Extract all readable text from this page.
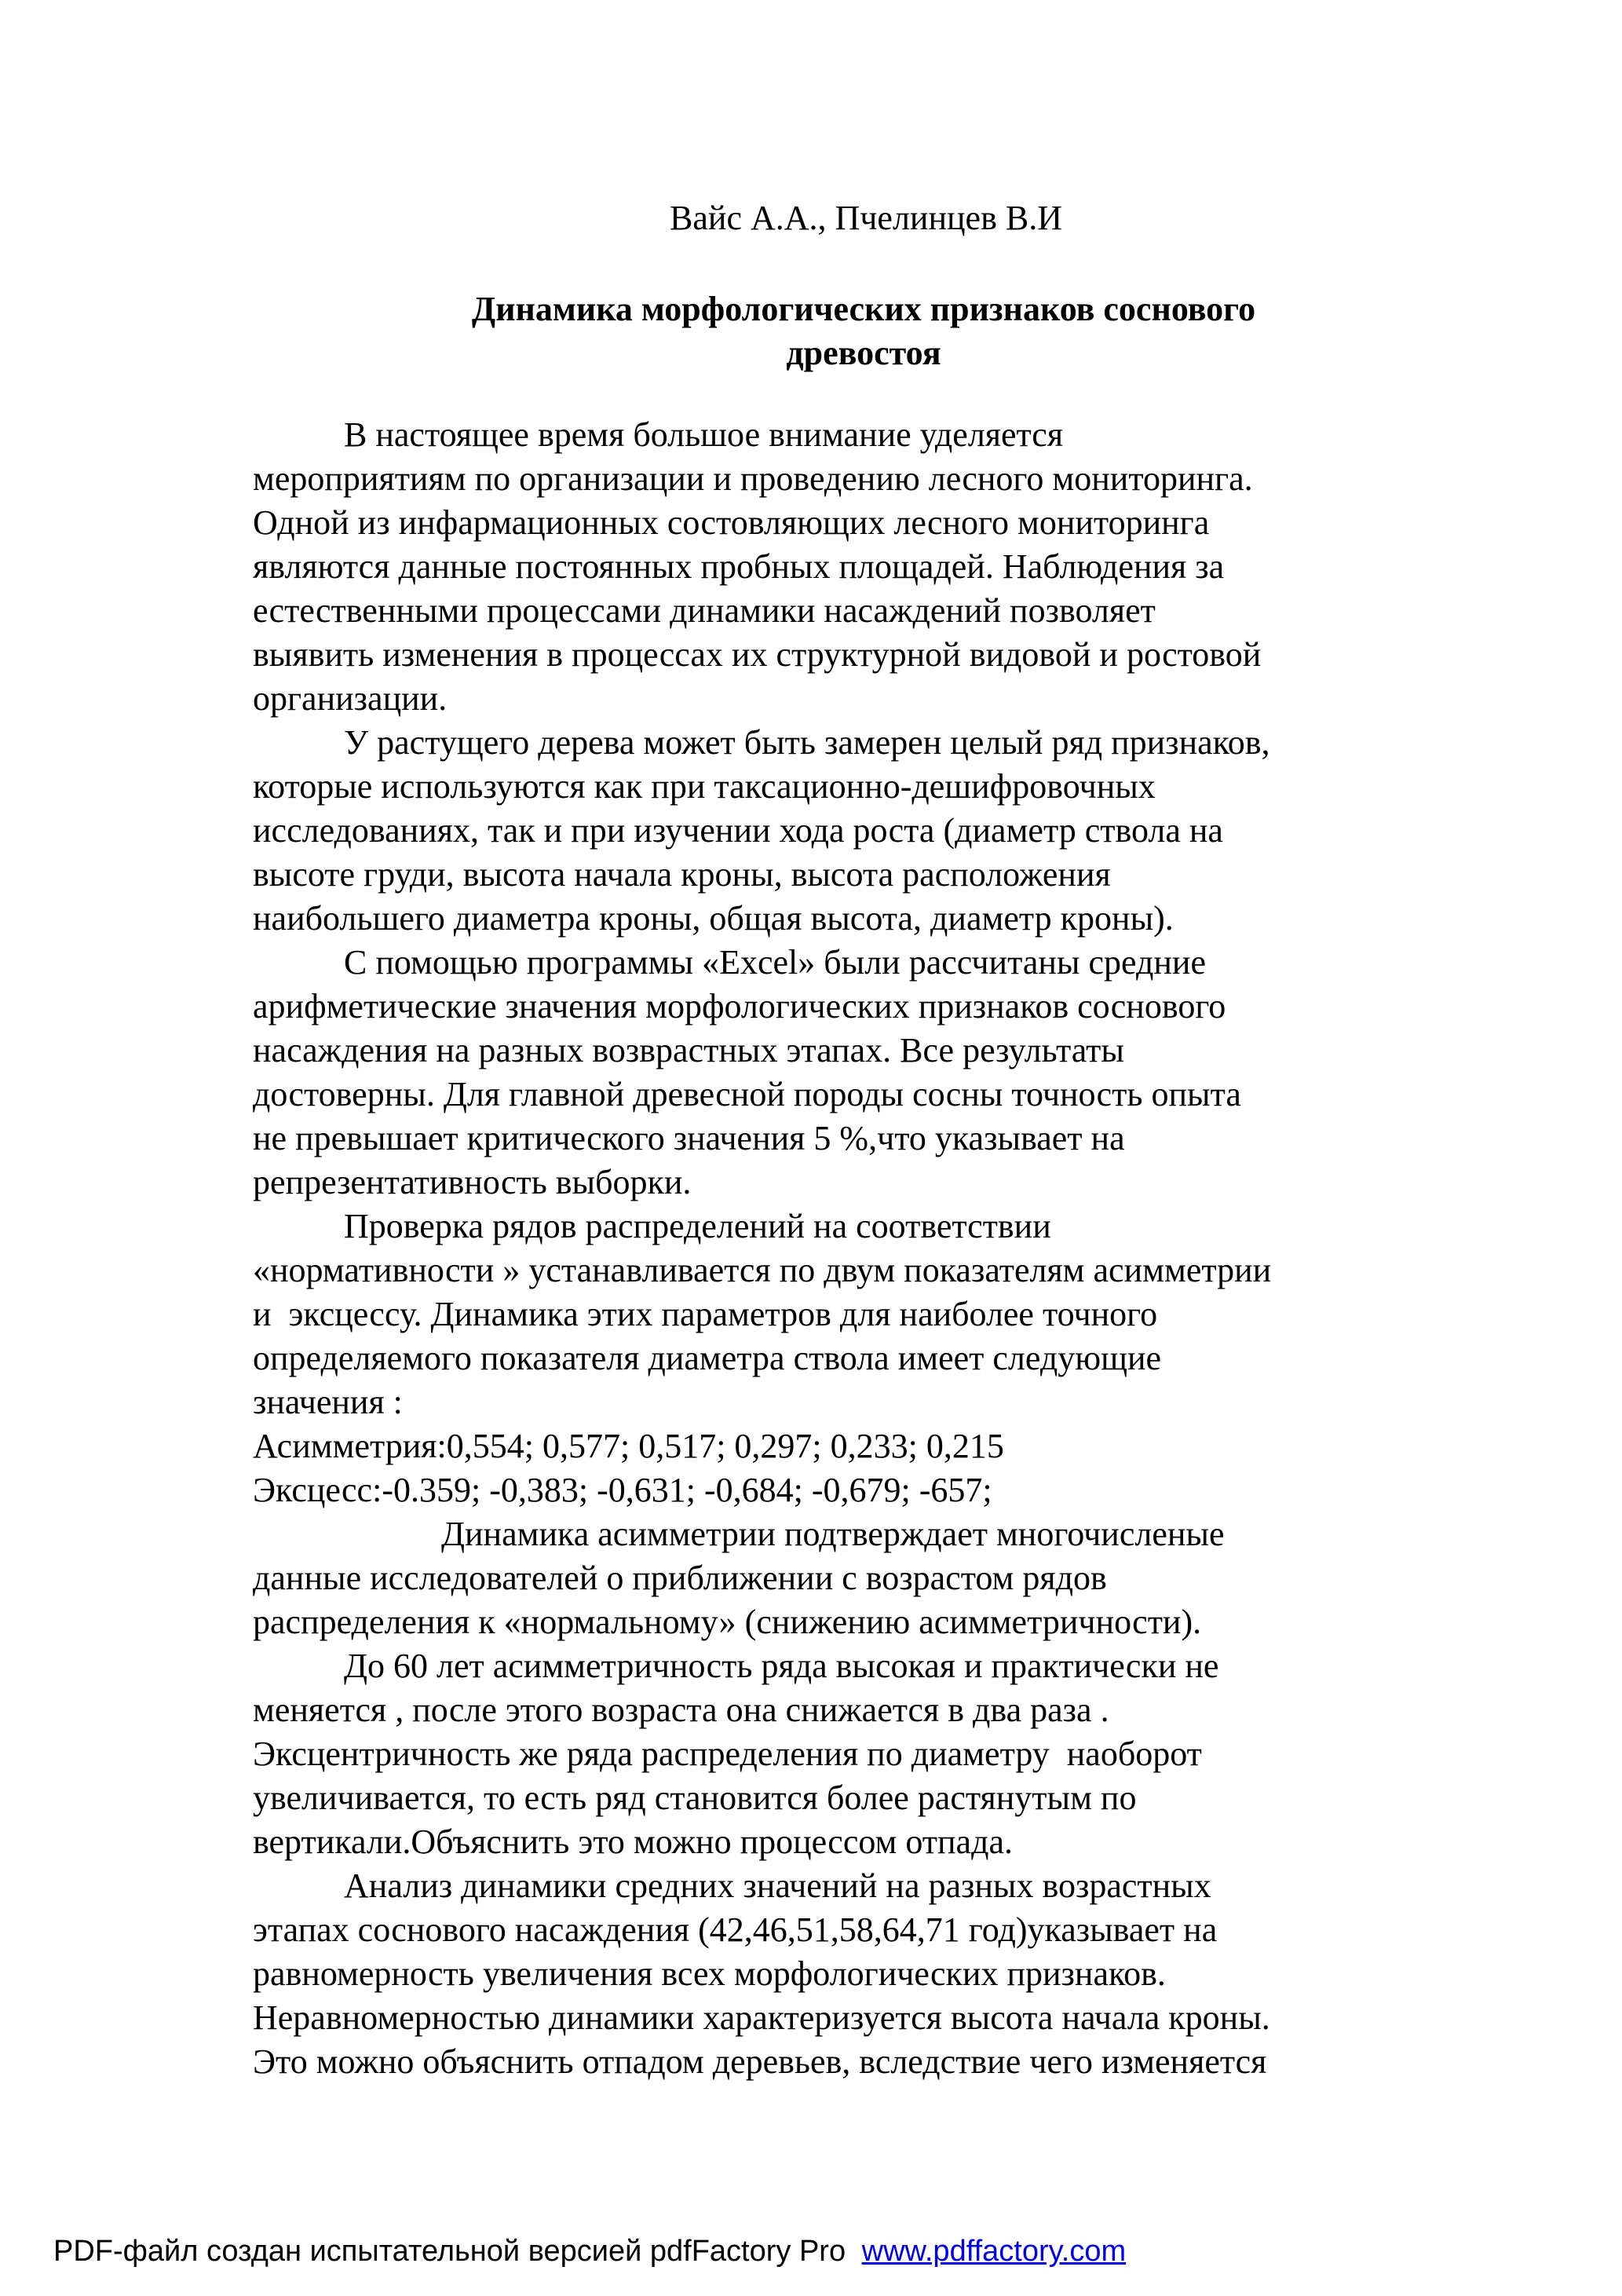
Вайс А.А., Пчелинцев В.И
Динамика морфологических признаков соснового
древостоя
В настоящее время большое внимание уделяется
мероприятиям по организации и проведению лесного мониторинга.
Одной из инфармационных состовляющих лесного мониторинга
являются данные постоянных пробных площадей. Наблюдения за
естественными процессами динамики насаждений позволяет
выявить изменения в процессах их структурной видовой и ростовой
организации.
У растущего дерева может быть замерен целый ряд признаков,
которые используются как при таксационно-дешифровочных
исследованиях, так и при изучении хода роста (диаметр ствола на
высоте груди, высота начала кроны, высота расположения
наибольшего диаметра кроны, общая высота, диаметр кроны).
С помощью программы «Excel» были рассчитаны средние
арифметические значения морфологических признаков соснового
насаждения на разных возврастных этапах. Все результаты
достоверны. Для главной древесной породы сосны точность опыта
не превышает критического значения 5 %,что указывает на
репрезентативность выборки.
Проверка рядов распределений на соответствии
«нормативности » устанавливается по двум показателям асимметрии
и  эксцессу. Динамика этих параметров для наиболее точного
определяемого показателя диаметра ствола имеет следующие
значения :
Асимметрия:0,554; 0,577; 0,517; 0,297; 0,233; 0,215
Эксцесс:-0.359; -0,383; -0,631; -0,684; -0,679; -657;
Динамика асимметрии подтверждает многочисленые
данные исследователей о приближении с возрастом рядов
распределения к «нормальному» (снижению асимметричности).
До 60 лет асимметричность ряда высокая и практически не
меняется , после этого возраста она снижается в два раза .
Эксцентричность же ряда распределения по диаметру  наоборот
увеличивается, то есть ряд становится более растянутым по
вертикали.Объяснить это можно процессом отпада.
Анализ динамики средних значений на разных возрастных
этапах соснового насаждения (42,46,51,58,64,71 год)указывает на
равномерность увеличения всех морфологических признаков.
Неравномерностью динамики характеризуется высота начала кроны.
Это можно объяснить отпадом деревьев, вследствие чего изменяется
PDF-файл создан испытательной версией pdfFactory Pro www.pdffactory.com
